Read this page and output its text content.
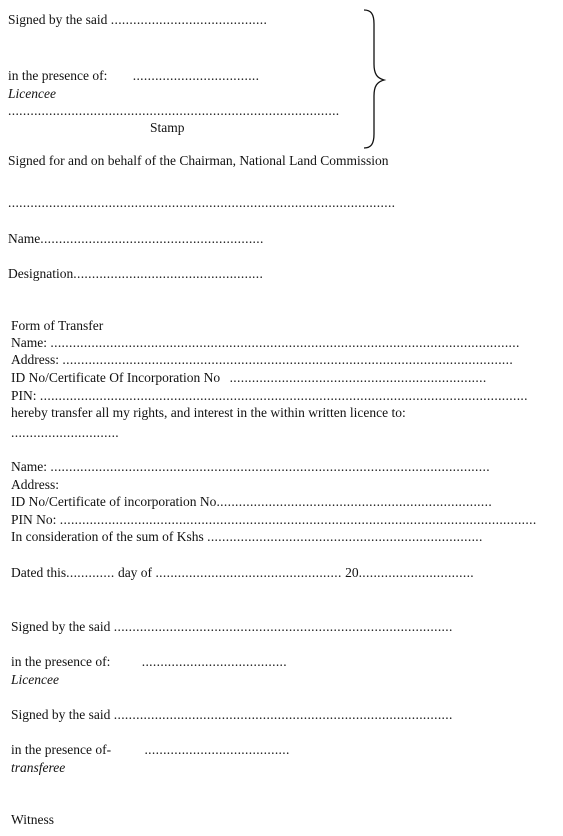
Signed by the said ..........................................
in the presence of: ..................................
Licencee
.........................................................................................
Stamp
Signed for and on behalf of the Chairman, National Land Commission
........................................................................................................
Name............................................................
Designation...................................................
Form of Transfer
Name: ..............................................................................................................................
Address: .........................................................................................................................
ID No/Certificate Of Incorporation No .....................................................................
PIN: ...................................................................................................................................
hereby transfer all my rights, and interest in the within written licence to:
.............................
Name: ......................................................................................................................
Address:
ID No/Certificate of incorporation No..........................................................................
PIN No: ................................................................................................................................
In consideration of the sum of Kshs ..........................................................................
Dated this............. day of .................................................. 20...............................
Signed by the said ...........................................................................................
in the presence of: .......................................
Licencee
Signed by the said ...........................................................................................
in the presence of- .......................................
transferee
Witness
